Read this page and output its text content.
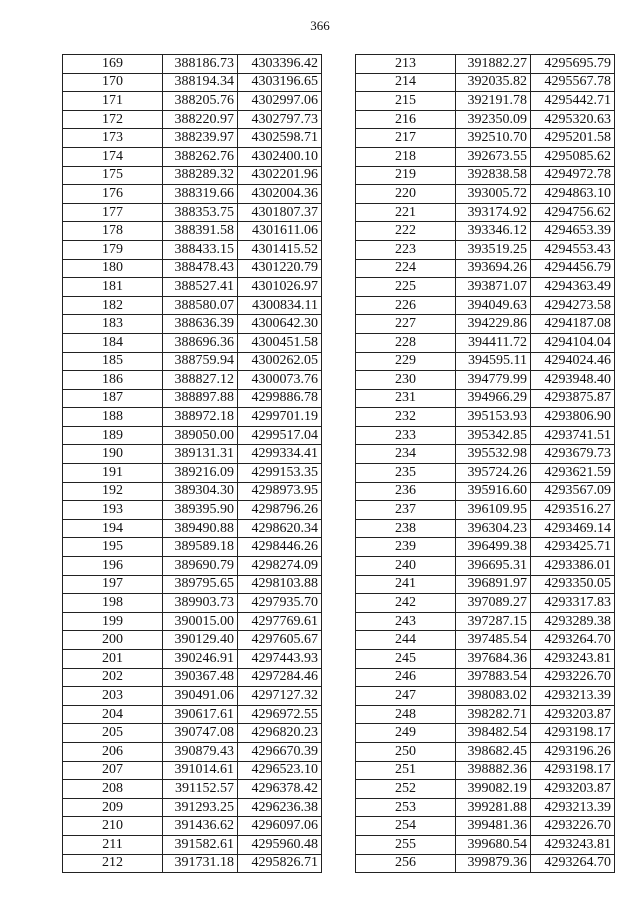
366
169	388186.73	4303396.42
170	388194.34	4303196.65
171	388205.76	4302997.06
172	388220.97	4302797.73
173	388239.97	4302598.71
174	388262.76	4302400.10
175	388289.32	4302201.96
176	388319.66	4302004.36
177	388353.75	4301807.37
178	388391.58	4301611.06
179	388433.15	4301415.52
180	388478.43	4301220.79
181	388527.41	4301026.97
182	388580.07	4300834.11
183	388636.39	4300642.30
184	388696.36	4300451.58
185	388759.94	4300262.05
186	388827.12	4300073.76
187	388897.88	4299886.78
188	388972.18	4299701.19
189	389050.00	4299517.04
190	389131.31	4299334.41
191	389216.09	4299153.35
192	389304.30	4298973.95
193	389395.90	4298796.26
194	389490.88	4298620.34
195	389589.18	4298446.26
196	389690.79	4298274.09
197	389795.65	4298103.88
198	389903.73	4297935.70
199	390015.00	4297769.61
200	390129.40	4297605.67
201	390246.91	4297443.93
202	390367.48	4297284.46
203	390491.06	4297127.32
204	390617.61	4296972.55
205	390747.08	4296820.23
206	390879.43	4296670.39
207	391014.61	4296523.10
208	391152.57	4296378.42
209	391293.25	4296236.38
210	391436.62	4296097.06
211	391582.61	4295960.48
212	391731.18	4295826.71
213	391882.27	4295695.79
214	392035.82	4295567.78
215	392191.78	4295442.71
216	392350.09	4295320.63
217	392510.70	4295201.58
218	392673.55	4295085.62
219	392838.58	4294972.78
220	393005.72	4294863.10
221	393174.92	4294756.62
222	393346.12	4294653.39
223	393519.25	4294553.43
224	393694.26	4294456.79
225	393871.07	4294363.49
226	394049.63	4294273.58
227	394229.86	4294187.08
228	394411.72	4294104.04
229	394595.11	4294024.46
230	394779.99	4293948.40
231	394966.29	4293875.87
232	395153.93	4293806.90
233	395342.85	4293741.51
234	395532.98	4293679.73
235	395724.26	4293621.59
236	395916.60	4293567.09
237	396109.95	4293516.27
238	396304.23	4293469.14
239	396499.38	4293425.71
240	396695.31	4293386.01
241	396891.97	4293350.05
242	397089.27	4293317.83
243	397287.15	4293289.38
244	397485.54	4293264.70
245	397684.36	4293243.81
246	397883.54	4293226.70
247	398083.02	4293213.39
248	398282.71	4293203.87
249	398482.54	4293198.17
250	398682.45	4293196.26
251	398882.36	4293198.17
252	399082.19	4293203.87
253	399281.88	4293213.39
254	399481.36	4293226.70
255	399680.54	4293243.81
256	399879.36	4293264.70
